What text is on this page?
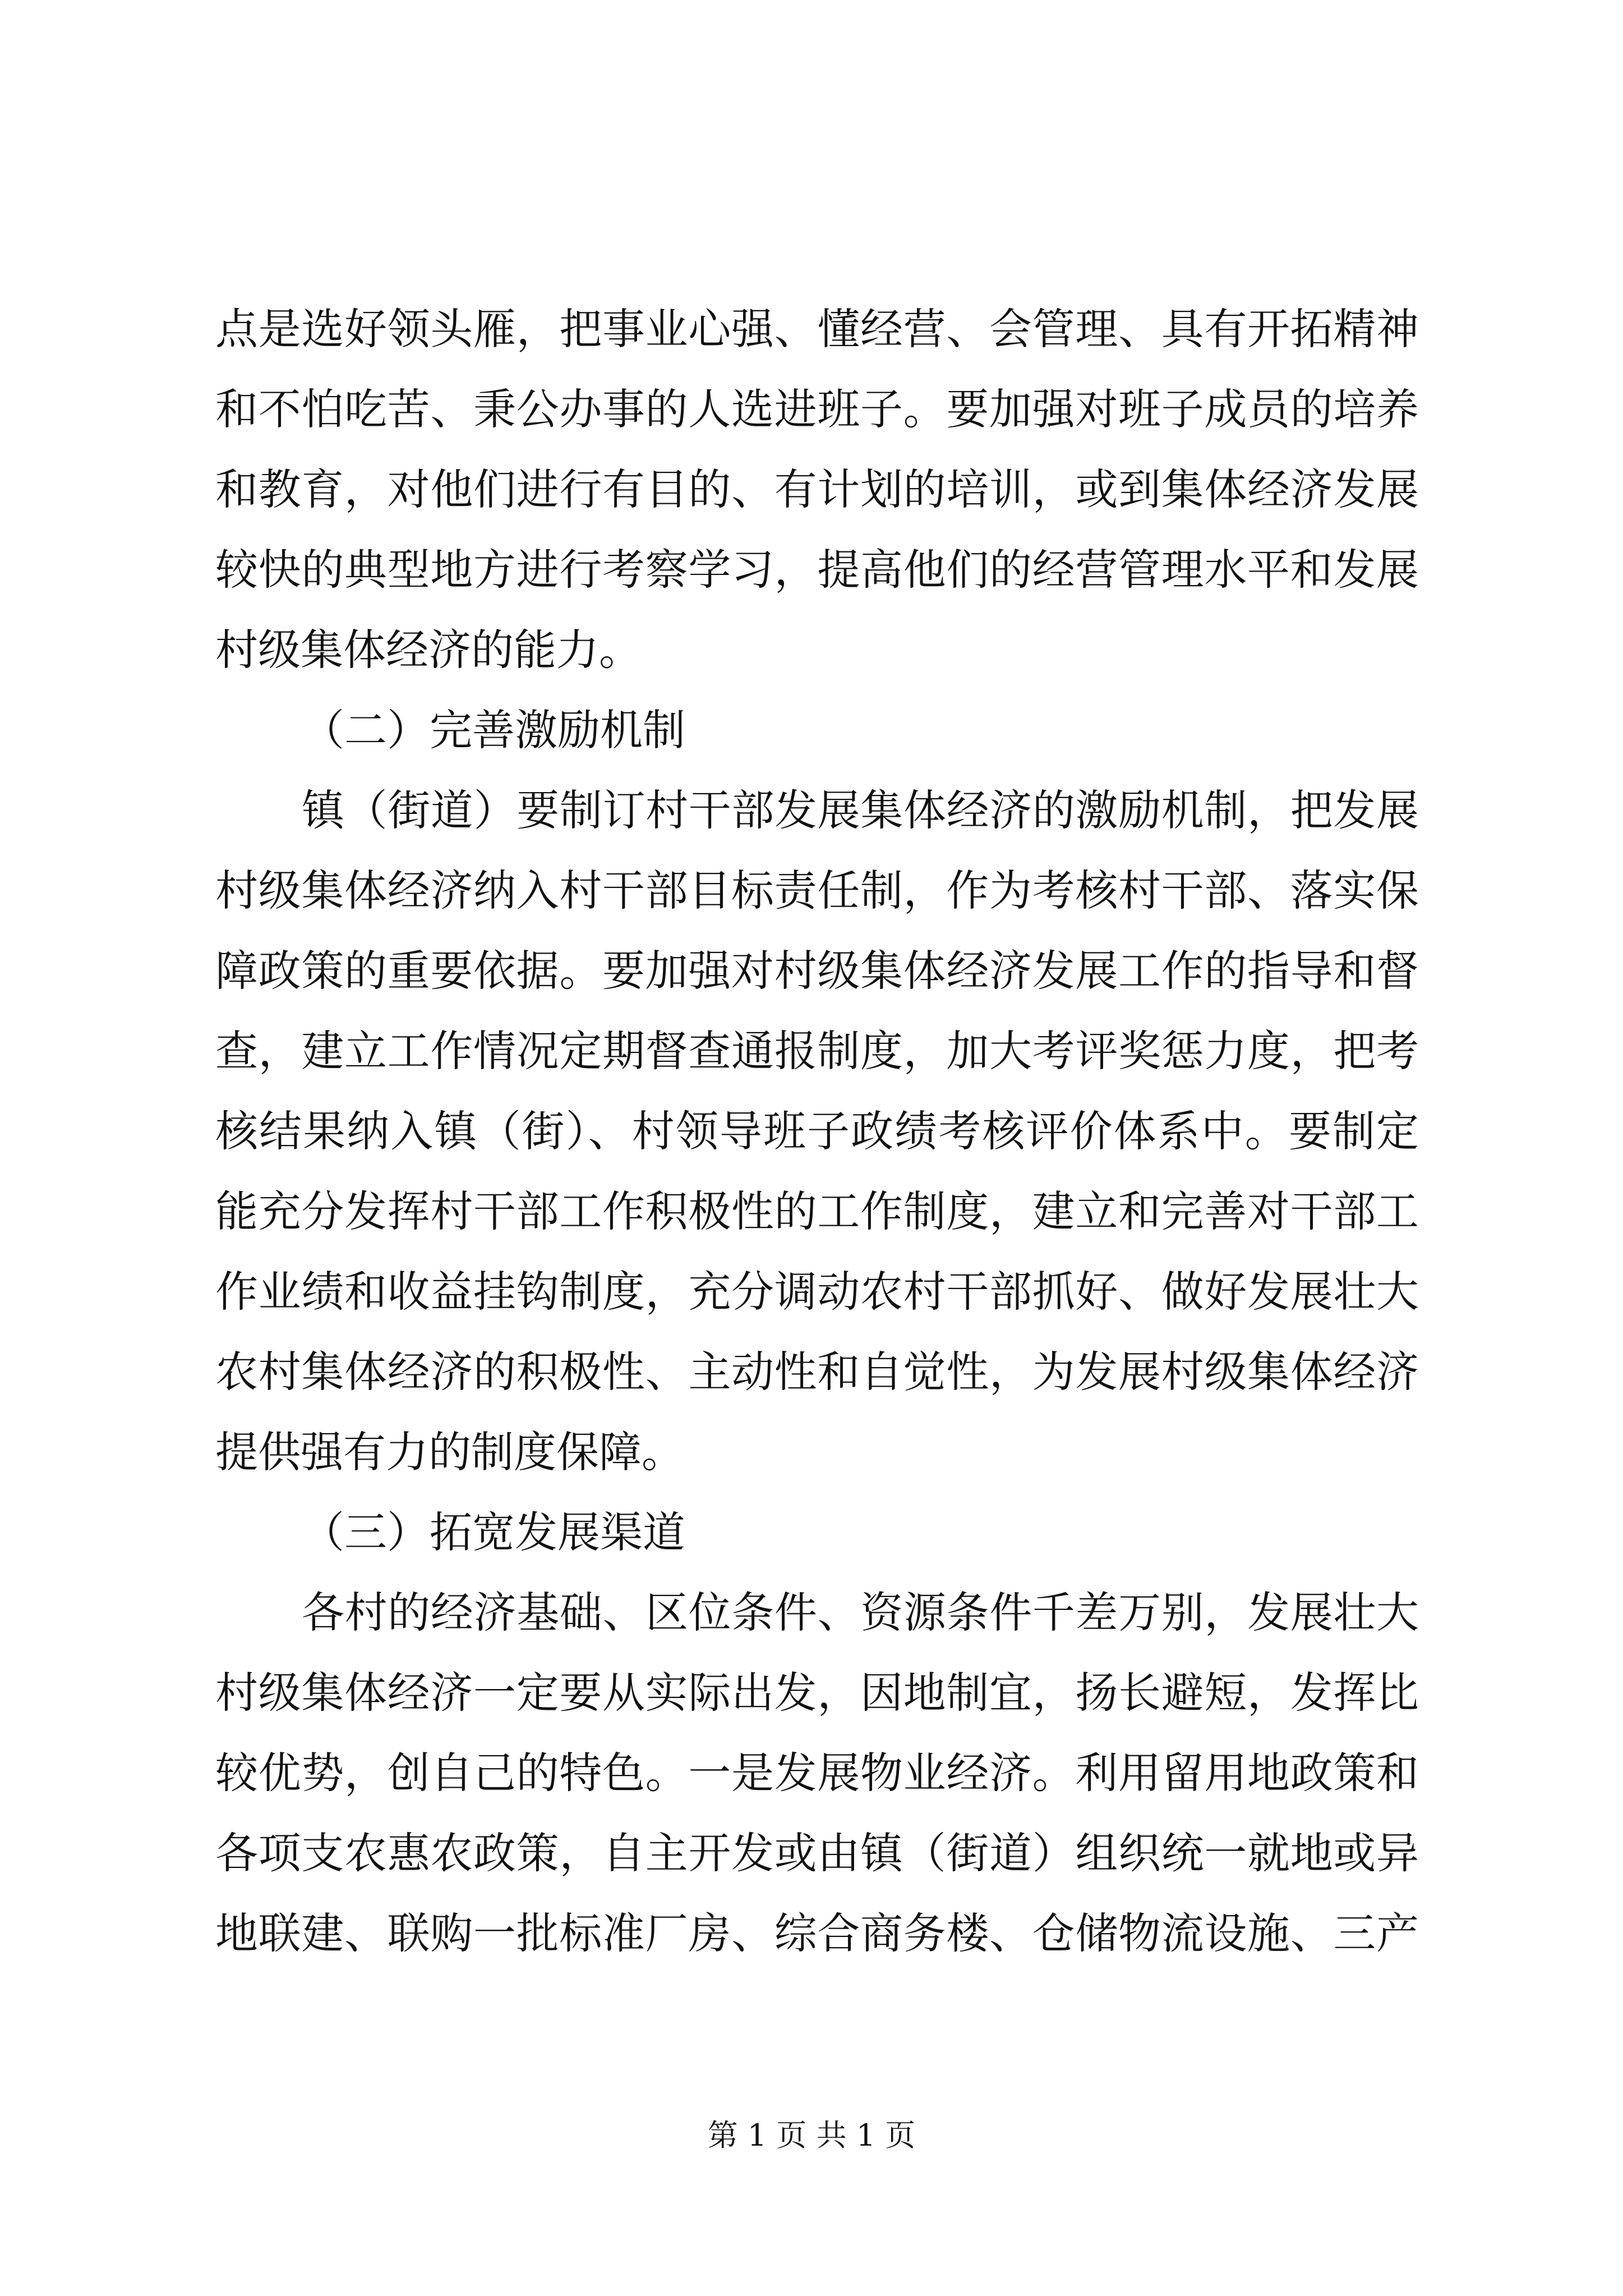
点是选好领头雁，把事业心强、懂经营、会管理、具有开拓精神
和不怕吃苦、秉公办事的人选进班子。要加强对班子成员的培养
和教育，对他们进行有目的、有计划的培训，或到集体经济发展
较快的典型地方进行考察学习，提高他们的经营管理水平和发展
村级集体经济的能力。
（二）完善激励机制
镇（街道）要制订村干部发展集体经济的激励机制，把发展
村级集体经济纳入村干部目标责任制，作为考核村干部、落实保
障政策的重要依据。要加强对村级集体经济发展工作的指导和督
查，建立工作情况定期督查通报制度，加大考评奖惩力度，把考
核结果纳入镇（街）、村领导班子政绩考核评价体系中。要制定
能充分发挥村干部工作积极性的工作制度，建立和完善对干部工
作业绩和收益挂钩制度，充分调动农村干部抓好、做好发展壮大
农村集体经济的积极性、主动性和自觉性，为发展村级集体经济
提供强有力的制度保障。
（三）拓宽发展渠道
各村的经济基础、区位条件、资源条件千差万别，发展壮大
村级集体经济一定要从实际出发，因地制宜，扬长避短，发挥比
较优势，创自己的特色。一是发展物业经济。利用留用地政策和
各项支农惠农政策，自主开发或由镇（街道）组织统一就地或异
地联建、联购一批标准厂房、综合商务楼、仓储物流设施、三产
第 1 页 共 1 页
